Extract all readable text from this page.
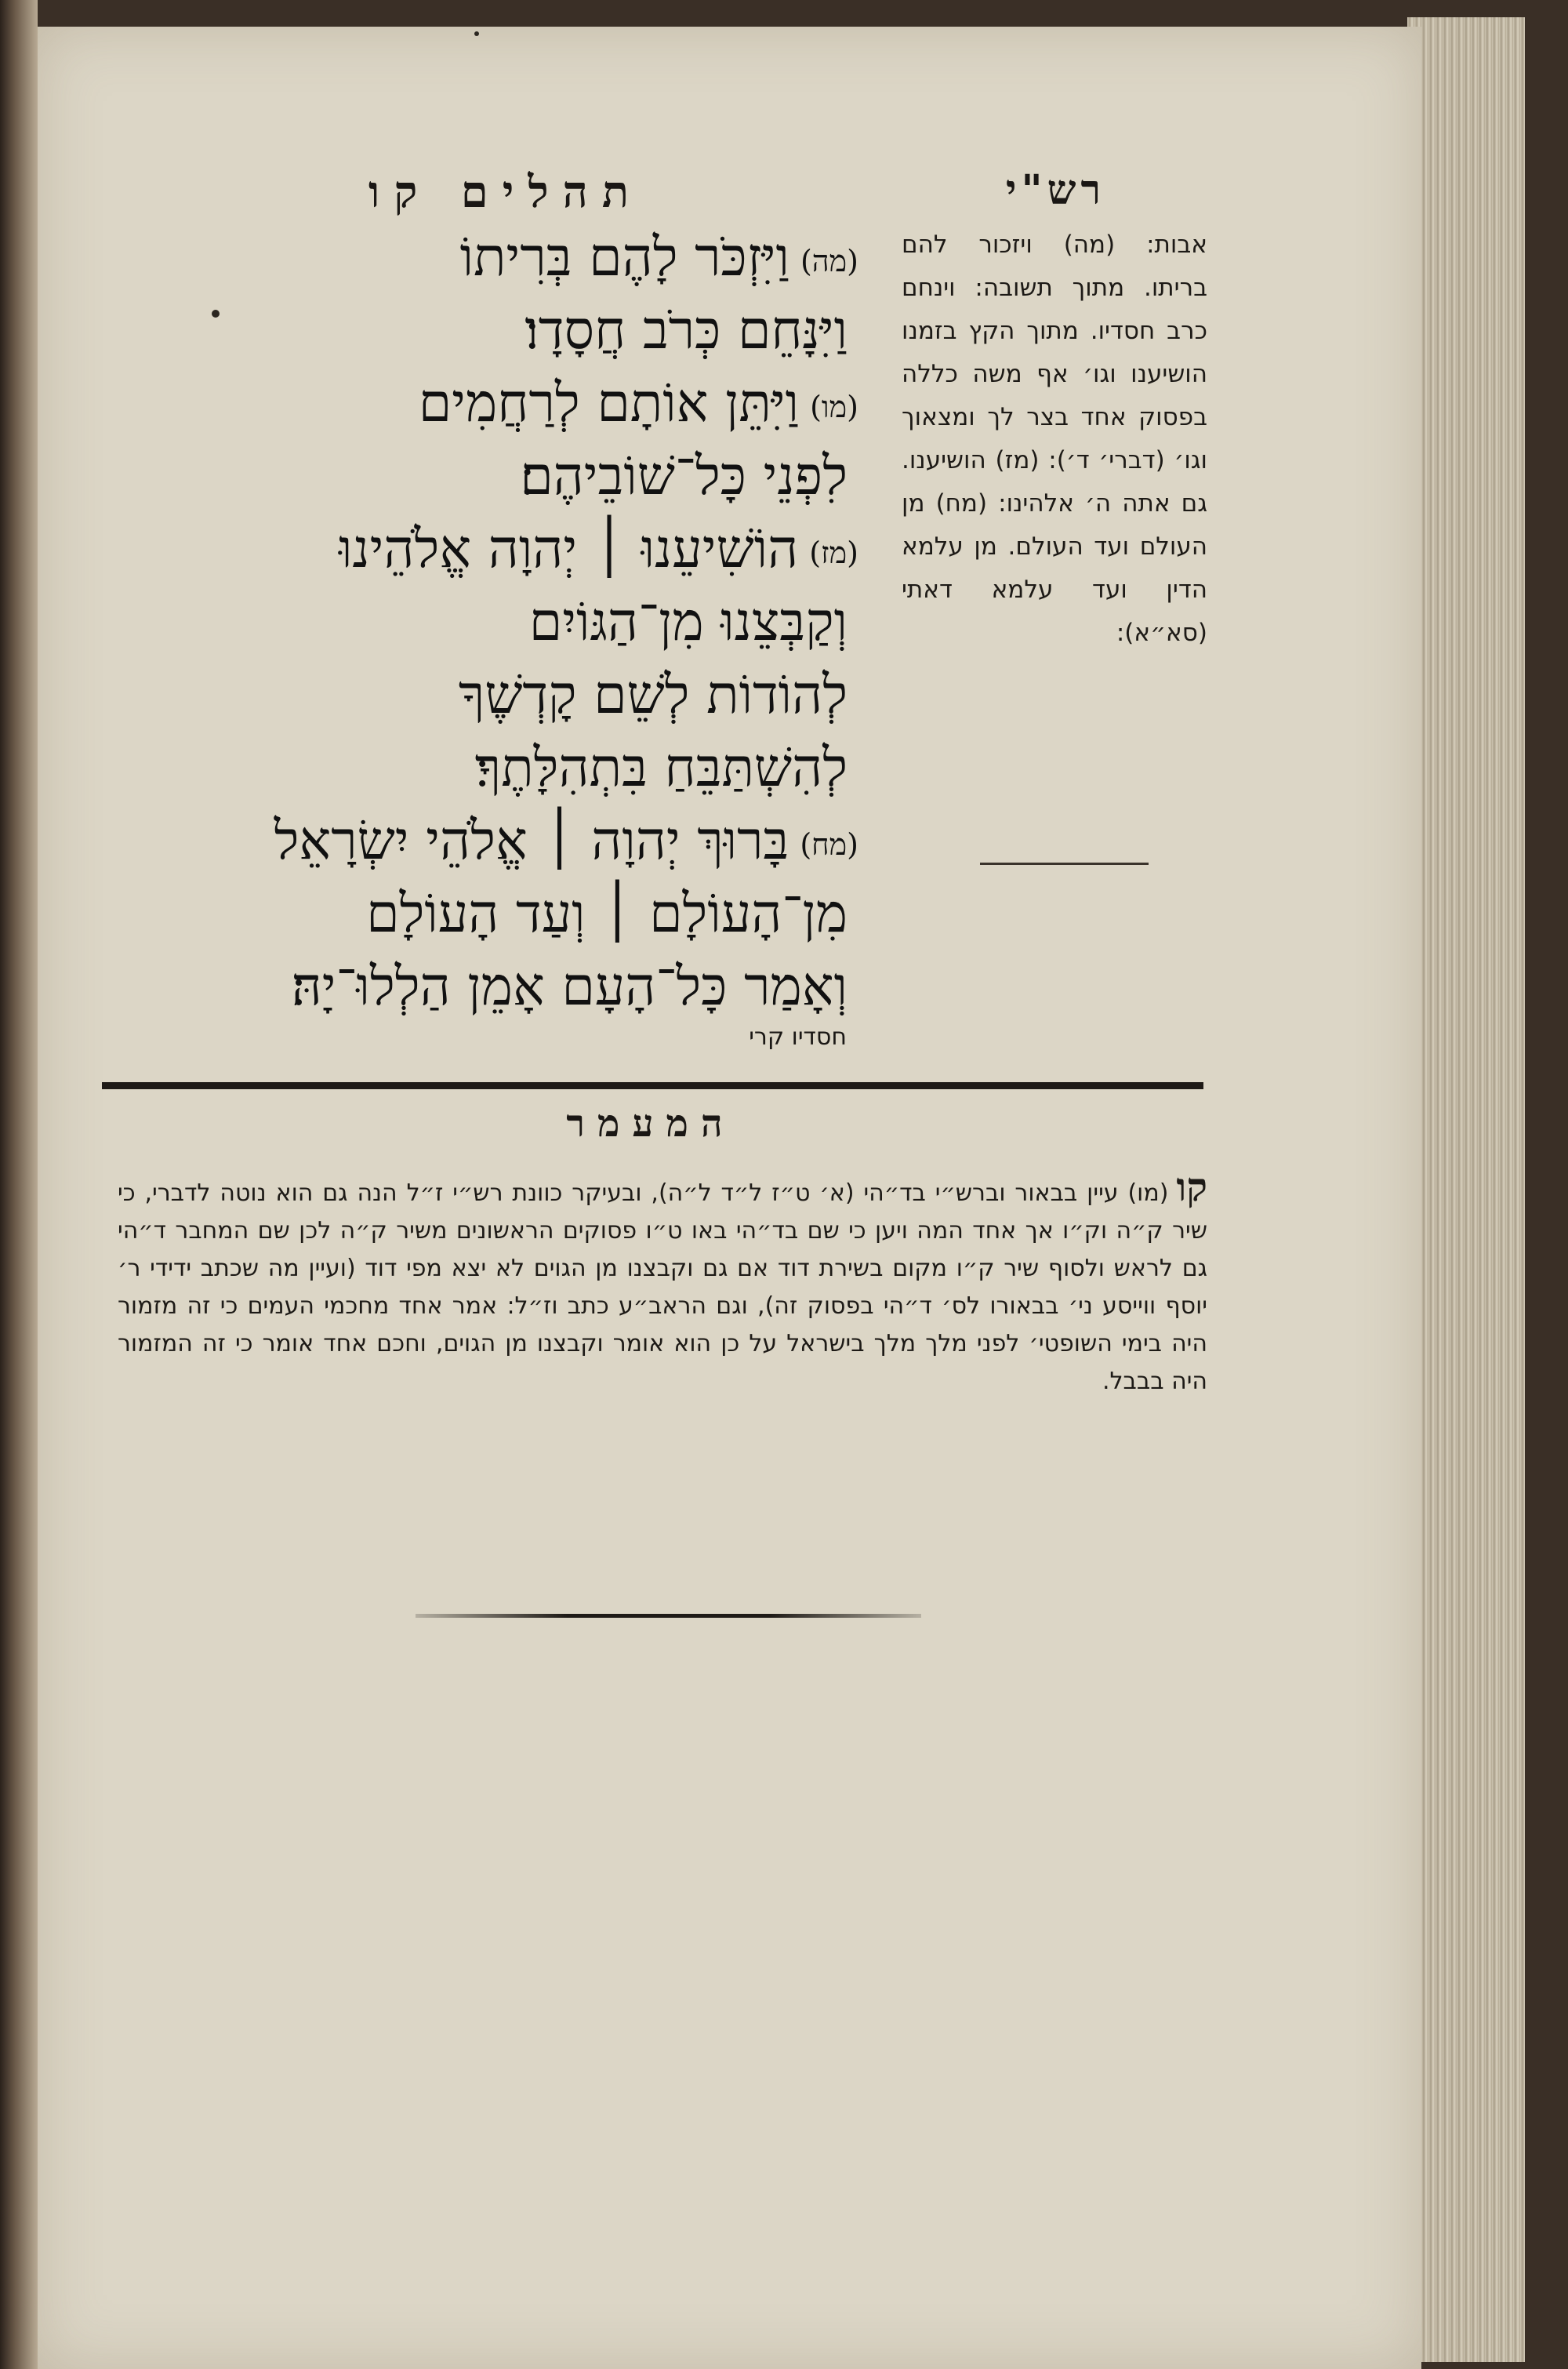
תהלים קו	רש"י
(מה)וַיִּזְכֹּר לָהֶם בְּרִיתוֹ
וַיִּנָּחֵם כְּרֹב חֲסָדָו׃
(מו)וַיִּתֵּן אוֹתָם לְרַחֲמִים
לִפְנֵי כָּל־שׁוֹבֵיהֶם׃
(מז)הוֹשִׁיעֵנוּ ׀ יְהוָה אֱלֹהֵינוּ
וְקַבְּצֵנוּ מִן־הַגּוֹיִם
לְהוֹדוֹת לְשֵׁם קָדְשֶׁךָ
לְהִשְׁתַּבֵּחַ בִּתְהִלָּתֶךָ׃
(מח)בָּרוּךְ יְהוָה ׀ אֱלֹהֵי יִשְׂרָאֵל
מִן־הָעוֹלָם ׀ וְעַד הָעוֹלָם
וְאָמַר כָּל־הָעָם אָמֵן הַלְלוּ־יָהּ׃
חסדיו קרי
אבות: (מה) ויזכור להם בריתו. מתוך תשובה: וינחם כרב חסדיו. מתוך הקץ בזמנו הושיענו וגו׳ אף משה כללה בפסוק אחד בצר לך ומצאוך וגו׳ (דברי׳ ד׳): (מז) הושיענו. גם אתה ה׳ אלהינו: (מח) מן העולם ועד העולם. מן עלמא הדין ועד עלמא דאתי (סא״א):
המעמר
קו(מו) עיין בבאור וברש״י בד״הי (א׳ ט״ז ל״ד ל״ה), ובעיקר כוונת רש״י ז״ל הנה גם הוא נוטה לדברי, כי שיר ק״ה וק״ו אך אחד המה ויען כי שם בד״הי באו ט״ו פסוקים הראשונים משיר ק״ה לכן שם המחבר ד״הי גם לראש ולסוף שיר ק״ו מקום בשירת דוד אם גם וקבצנו מן הגוים לא יצא מפי דוד (ועיין מה שכתב ידידי ר׳ יוסף ווייסע ני׳ בבאורו לס׳ ד״הי בפסוק זה), וגם הראב״ע כתב וז״ל: אמר אחד מחכמי העמים כי זה מזמור היה בימי השופטי׳ לפני מלך מלך בישראל על כן הוא אומר וקבצנו מן הגוים, וחכם אחד אומר כי זה המזמור היה בבבל.
